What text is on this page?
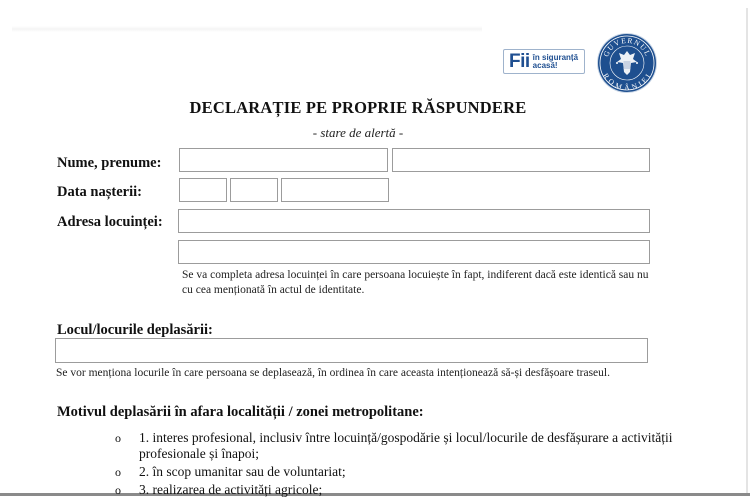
Fii în siguranță
acasă!
GUVERNUL
ROMÂNIEI
DECLARAȚIE PE PROPRIE RĂSPUNDERE
- stare de alertă -
Nume, prenume:
Data nașterii:
Adresa locuinței:
Se va completa adresa locuinței în care persoana locuiește în fapt, indiferent dacă este identică sau nu cu cea menționată în actul de identitate.
Locul/locurile deplasării:
Se vor menționa locurile în care persoana se deplasează, în ordinea în care aceasta intenționează să-și desfășoare traseul.
Motivul deplasării în afara localității / zonei metropolitane:
o 1. interes profesional, inclusiv între locuință/gospodărie și locul/locurile de desfășurare a activității profesionale și înapoi;
o 2. în scop umanitar sau de voluntariat;
o 3. realizarea de activități agricole;
